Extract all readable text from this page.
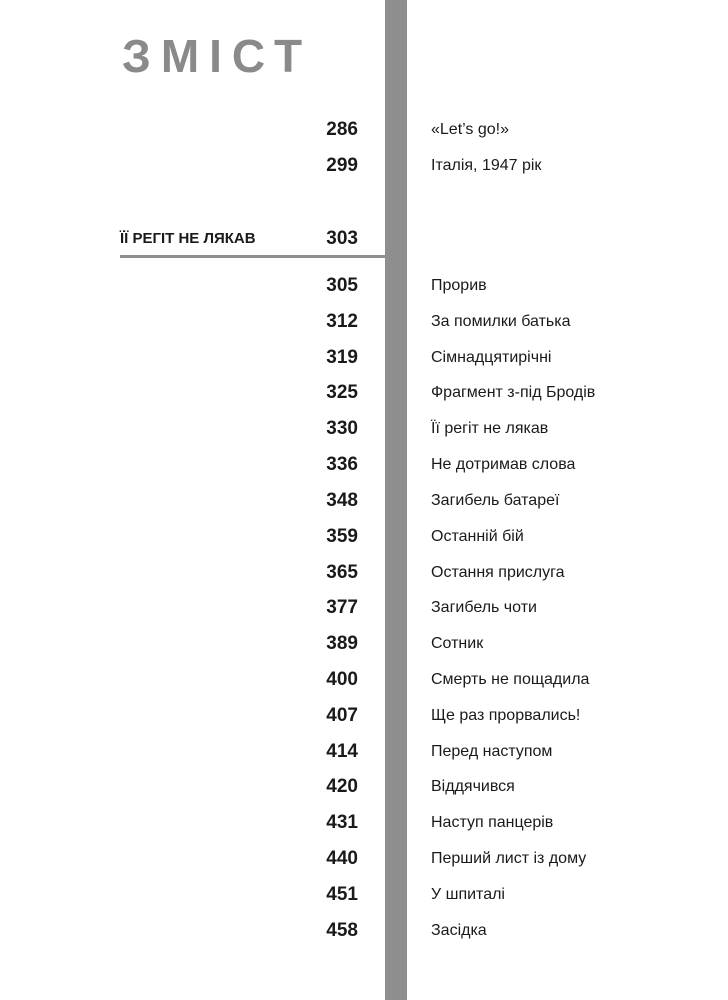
ЗМІСТ
286	«Let’s go!»
299	Італія, 1947 рік
ЇЇ РЕГІТ НЕ ЛЯКАВ	303
305	Прорив
312	За помилки батька
319	Сімнадцятирічні
325	Фрагмент з-під Бродів
330	Її регіт не лякав
336	Не дотримав слова
348	Загибель батареї
359	Останній бій
365	Остання прислуга
377	Загибель чоти
389	Сотник
400	Смерть не пощадила
407	Ще раз прорвались!
414	Перед наступом
420	Віддячився
431	Наступ панцерів
440	Перший лист із дому
451	У шпиталі
458	Засідка
